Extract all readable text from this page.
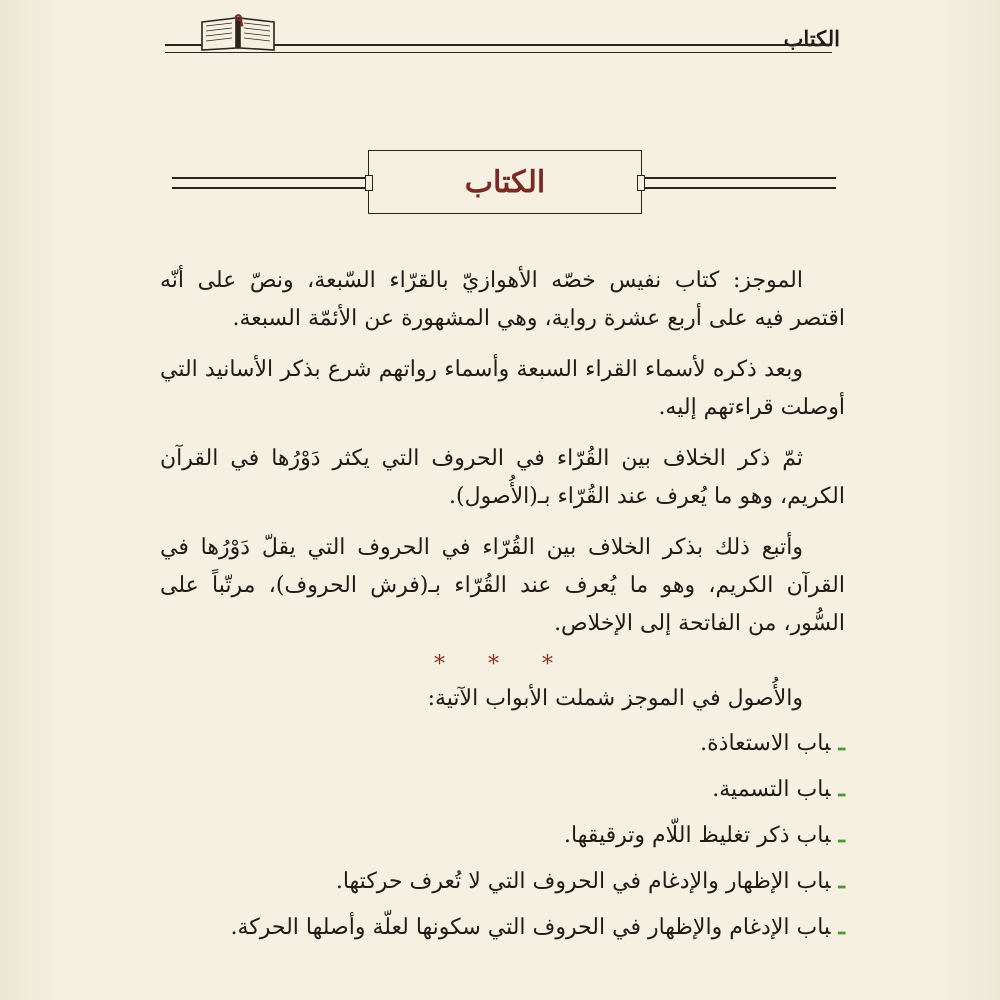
الكتاب
٩
الكتاب

الموجز: كتاب نفيس خصّه الأهوازيّ بالقرّاء السّبعة، ونصّ على أنّه اقتصر فيه على أربع عشرة رواية، وهي المشهورة عن الأئمّة السبعة.

وبعد ذكره لأسماء القراء السبعة وأسماء رواتهم شرع بذكر الأسانيد التي أوصلت قراءتهم إليه.

ثمّ ذكر الخلاف بين القُرّاء في الحروف التي يكثر دَوْرُها في القرآن الكريم، وهو ما يُعرف عند القُرّاء بـ(الأُصول).

وأتبع ذلك بذكر الخلاف بين القُرّاء في الحروف التي يقلّ دَوْرُها في القرآن الكريم، وهو ما يُعرف عند القُرّاء بـ(فرش الحروف)، مرتّباً على السُّور، من الفاتحة إلى الإخلاص.

* * *

والأُصول في الموجز شملت الأبواب الآتية:

ـباب الاستعاذة.
ـباب التسمية.
ـباب ذكر تغليظ اللّام وترقيقها.
ـباب الإظهار والإدغام في الحروف التي لا تُعرف حركتها.
ـباب الإدغام والإظهار في الحروف التي سكونها لعلّة وأصلها الحركة.
